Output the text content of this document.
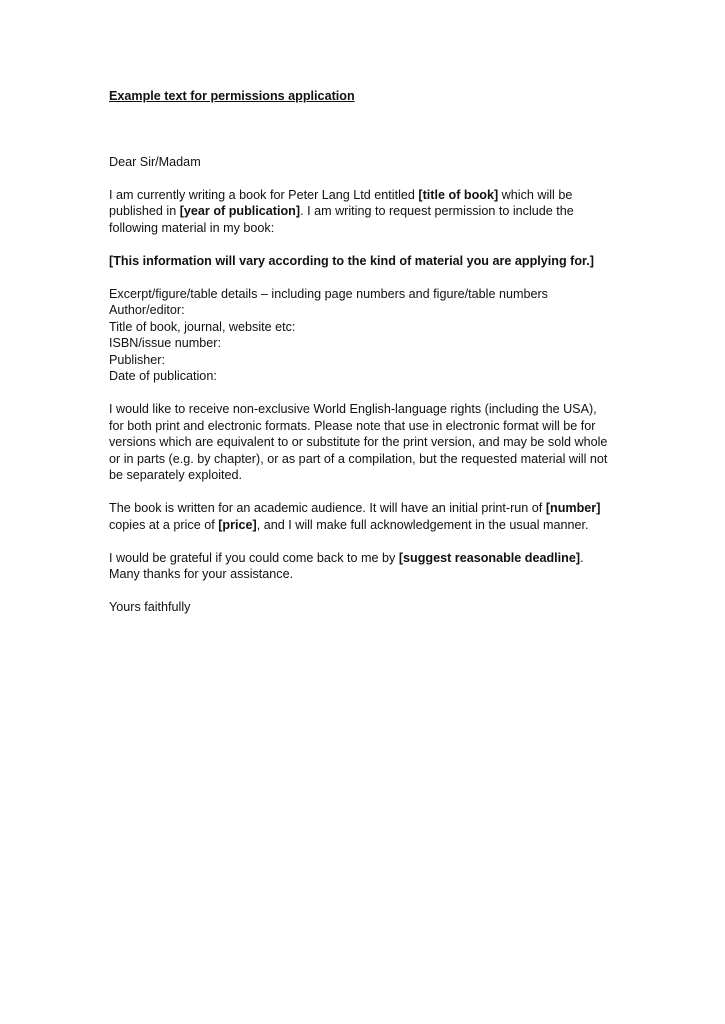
Example text for permissions application

Dear Sir/Madam

I am currently writing a book for Peter Lang Ltd entitled [title of book] which will be published in [year of publication]. I am writing to request permission to include the following material in my book:

[This information will vary according to the kind of material you are applying for.]

Excerpt/figure/table details – including page numbers and figure/table numbers

Author/editor:

Title of book, journal, website etc:

ISBN/issue number:

Publisher:

Date of publication:

I would like to receive non-exclusive World English-language rights (including the USA), for both print and electronic formats. Please note that use in electronic format will be for versions which are equivalent to or substitute for the print version, and may be sold whole or in parts (e.g. by chapter), or as part of a compilation, but the requested material will not be separately exploited.

The book is written for an academic audience. It will have an initial print-run of [number] copies at a price of [price], and I will make full acknowledgement in the usual manner.

I would be grateful if you could come back to me by [suggest reasonable deadline]. Many thanks for your assistance.

Yours faithfully
